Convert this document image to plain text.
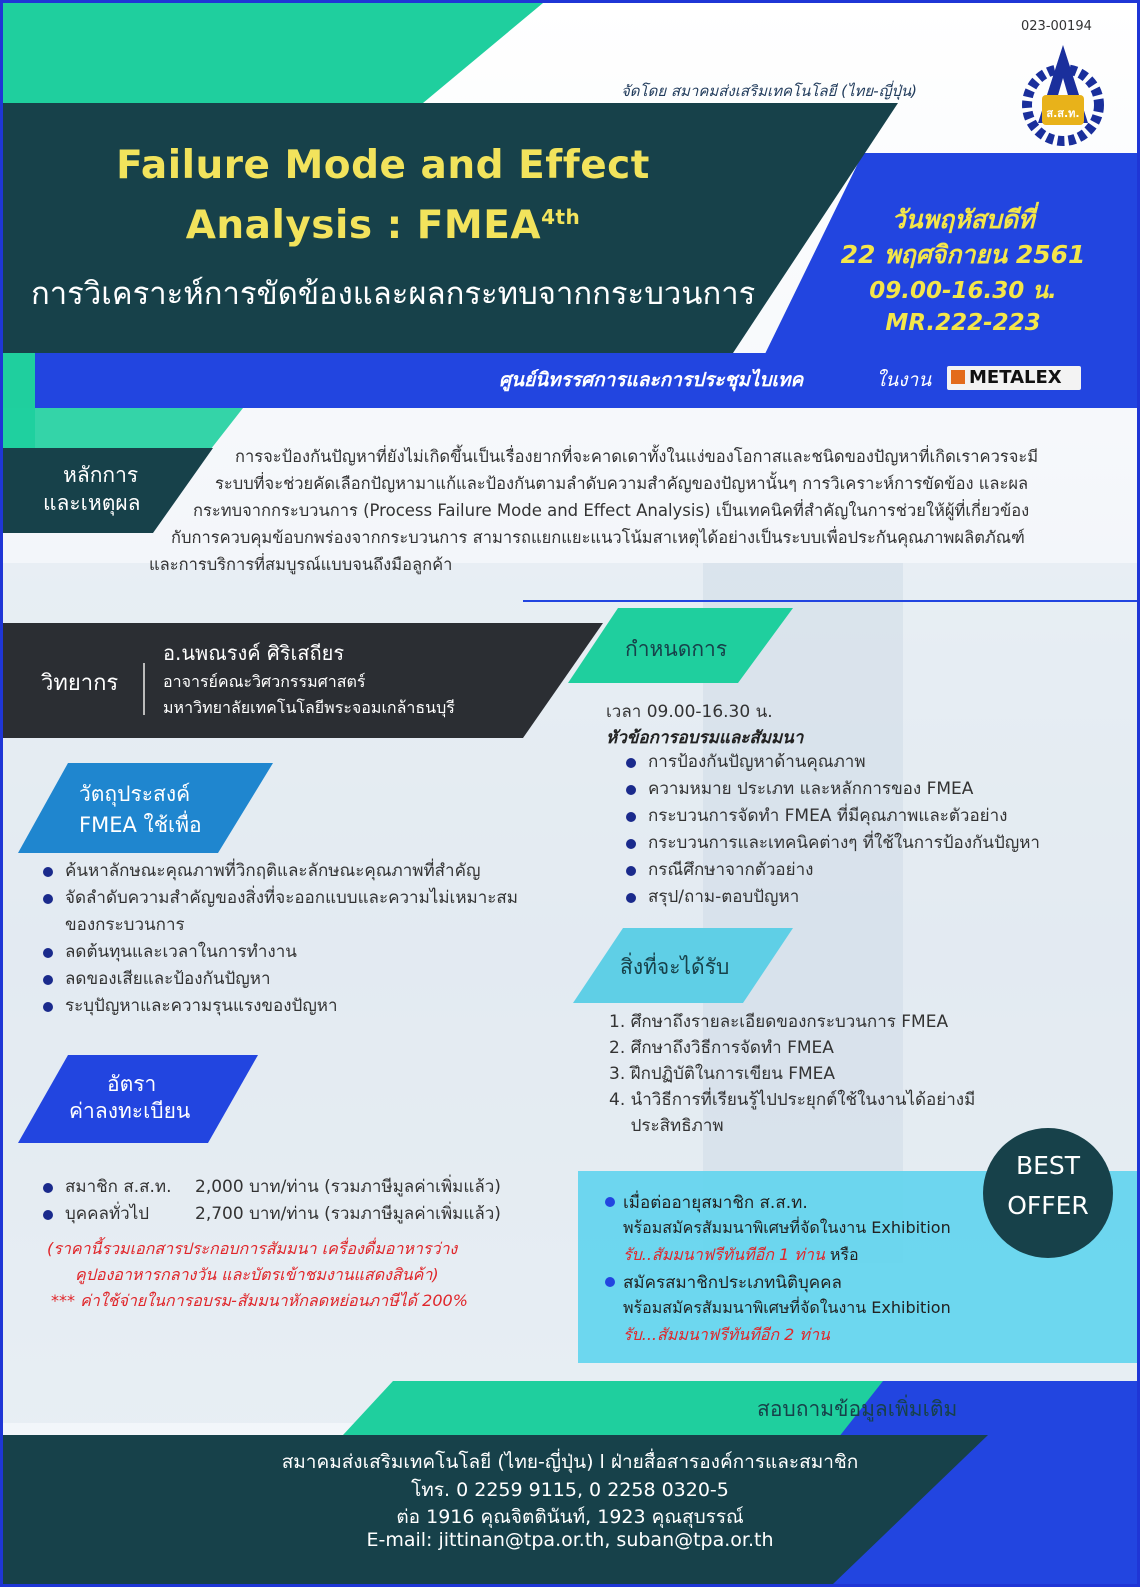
023-00194
ส.ส.ท.
จัดโดย สมาคมส่งเสริมเทคโนโลยี (ไทย-ญี่ปุ่น)
Failure Mode and Effect
Analysis : $FMEA^{4th}$
การวิเคราะห์การขัดข้องและผลกระทบจากกระบวนการ
วันพฤหัสบดีที่
22 พฤศจิกายน 2561
09.00-16.30 น.
MR.222-223
ศูนย์นิทรรศการและการประชุมไบเทค	ในงาน METALEX
หลักการ
และเหตุผล
การจะป้องกันปัญหาที่ยังไม่เกิดขึ้นเป็นเรื่องยากที่จะคาดเดาทั้งในแง่ของโอกาสและชนิดของปัญหาที่เกิดเราควรจะมี
ระบบที่จะช่วยคัดเลือกปัญหามาแก้และป้องกันตามลำดับความสำคัญของปัญหานั้นๆ การวิเคราะห์การขัดข้อง และผล
กระทบจากกระบวนการ (Process Failure Mode and Effect Analysis) เป็นเทคนิคที่สำคัญในการช่วยให้ผู้ที่เกี่ยวข้อง
กับการควบคุมข้อบกพร่องจากกระบวนการ สามารถแยกแยะแนวโน้มสาเหตุได้อย่างเป็นระบบเพื่อประกันคุณภาพผลิตภัณฑ์
และการบริการที่สมบูรณ์แบบจนถึงมือลูกค้า
วิทยากร
อ.นพณรงค์ ศิริเสถียร
อาจารย์คณะวิศวกรรมศาสตร์
มหาวิทยาลัยเทคโนโลยีพระจอมเกล้าธนบุรี
กำหนดการ
เวลา 09.00-16.30 น.
หัวข้อการอบรมและสัมมนา
การป้องกันปัญหาด้านคุณภาพ
ความหมาย ประเภท และหลักการของ FMEA
กระบวนการจัดทำ FMEA ที่มีคุณภาพและตัวอย่าง
กระบวนการและเทคนิคต่างๆ ที่ใช้ในการป้องกันปัญหา
กรณีศึกษาจากตัวอย่าง
สรุป/ถาม-ตอบปัญหา
วัตถุประสงค์
FMEA ใช้เพื่อ
ค้นหาลักษณะคุณภาพที่วิกฤติและลักษณะคุณภาพที่สำคัญ
จัดลำดับความสำคัญของสิ่งที่จะออกแบบและความไม่เหมาะสม
ของกระบวนการ
ลดต้นทุนและเวลาในการทำงาน
ลดของเสียและป้องกันปัญหา
ระบุปัญหาและความรุนแรงของปัญหา
สิ่งที่จะได้รับ
1. ศึกษาถึงรายละเอียดของกระบวนการ FMEA
2. ศึกษาถึงวิธีการจัดทำ FMEA
3. ฝึกปฏิบัติในการเขียน FMEA
4. นำวิธีการที่เรียนรู้ไปประยุกต์ใช้ในงานได้อย่างมี
ประสิทธิภาพ
อัตรา
ค่าลงทะเบียน
สมาชิก ส.ส.ท. 2,000 บาท/ท่าน (รวมภาษีมูลค่าเพิ่มแล้ว)
บุคคลทั่วไป	2,700 บาท/ท่าน (รวมภาษีมูลค่าเพิ่มแล้ว)
(ราคานี้รวมเอกสารประกอบการสัมมนา เครื่องดื่มอาหารว่าง
คูปองอาหารกลางวัน และบัตรเข้าชมงานแสดงสินค้า)
*** ค่าใช้จ่ายในการอบรม-สัมมนาหักลดหย่อนภาษีได้ 200%
BEST
OFFER
เมื่อต่ออายุสมาชิก ส.ส.ท.
พร้อมสมัครสัมมนาพิเศษที่จัดในงาน Exhibition
รับ..สัมมนาฟรีทันทีอีก 1 ท่าน หรือ
สมัครสมาชิกประเภทนิติบุคคล
พร้อมสมัครสัมมนาพิเศษที่จัดในงาน Exhibition
รับ...สัมมนาฟรีทันทีอีก 2 ท่าน
สอบถามข้อมูลเพิ่มเติม
สมาคมส่งเสริมเทคโนโลยี (ไทย-ญี่ปุ่น) l ฝ่ายสื่อสารองค์การและสมาชิก
โทร. 0 2259 9115, 0 2258 0320-5
ต่อ 1916 คุณจิตตินันท์, 1923 คุณสุบรรณ์
E-mail: jittinan@tpa.or.th, suban@tpa.or.th
